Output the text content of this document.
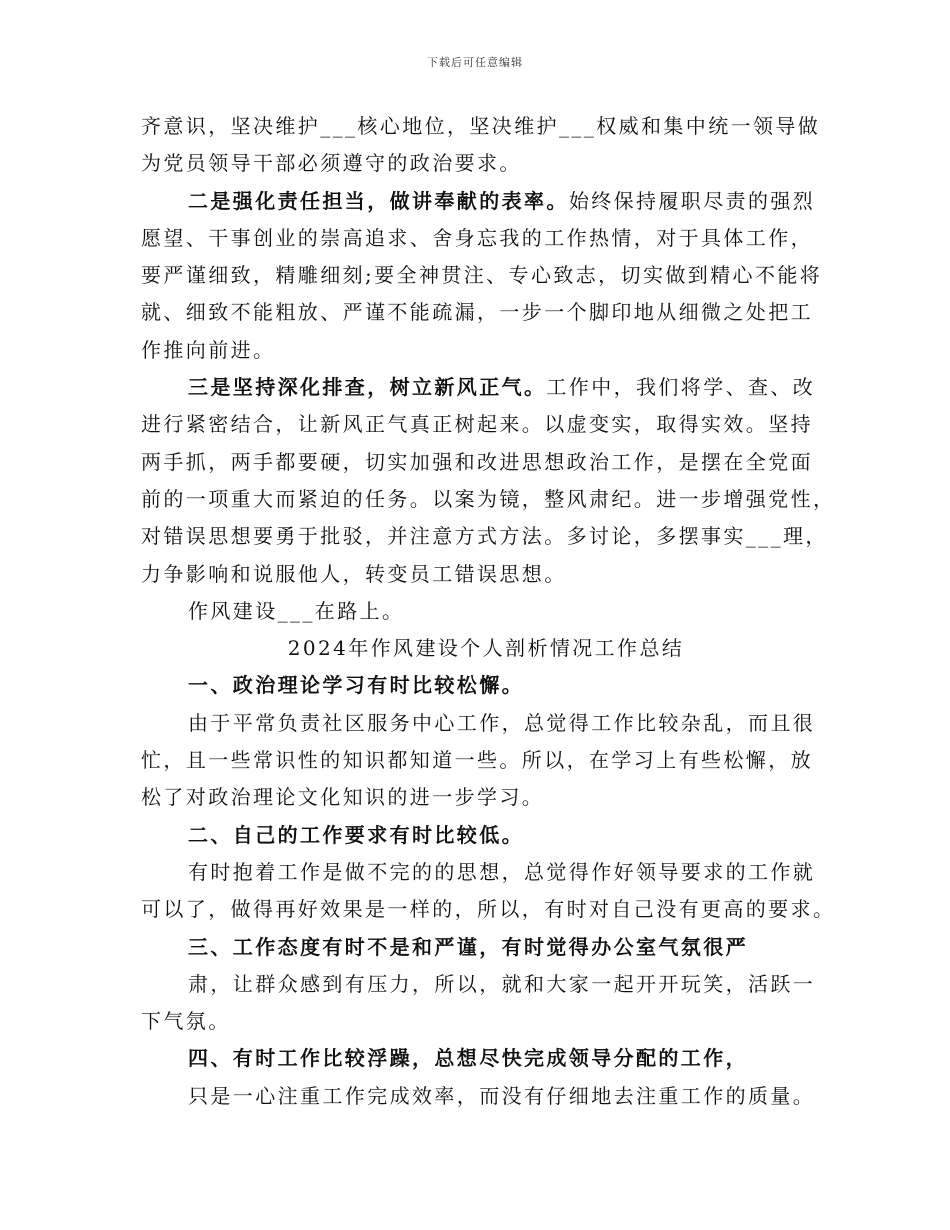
下载后可任意编辑
齐意识，坚决维护___核心地位，坚决维护___权威和集中统一领导做
为党员领导干部必须遵守的政治要求。
二是强化责任担当，做讲奉献的表率。始终保持履职尽责的强烈
愿望、干事创业的崇高追求、舍身忘我的工作热情，对于具体工作，
要严谨细致，精雕细刻;要全神贯注、专心致志，切实做到精心不能将
就、细致不能粗放、严谨不能疏漏，一步一个脚印地从细微之处把工
作推向前进。
三是坚持深化排查，树立新风正气。工作中，我们将学、查、改
进行紧密结合，让新风正气真正树起来。以虚变实，取得实效。坚持
两手抓，两手都要硬，切实加强和改进思想政治工作，是摆在全党面
前的一项重大而紧迫的任务。以案为镜，整风肃纪。进一步增强党性，
对错误思想要勇于批驳，并注意方式方法。多讨论，多摆事实___理，
力争影响和说服他人，转变员工错误思想。
作风建设___在路上。
2024年作风建设个人剖析情况工作总结
一、政治理论学习有时比较松懈。
由于平常负责社区服务中心工作，总觉得工作比较杂乱，而且很
忙，且一些常识性的知识都知道一些。所以，在学习上有些松懈，放
松了对政治理论文化知识的进一步学习。
二、自己的工作要求有时比较低。
有时抱着工作是做不完的的思想，总觉得作好领导要求的工作就
可以了，做得再好效果是一样的，所以，有时对自己没有更高的要求。
三、工作态度有时不是和严谨，有时觉得办公室气氛很严
肃，让群众感到有压力，所以，就和大家一起开开玩笑，活跃一
下气氛。
四、有时工作比较浮躁，总想尽快完成领导分配的工作，
只是一心注重工作完成效率，而没有仔细地去注重工作的质量。
